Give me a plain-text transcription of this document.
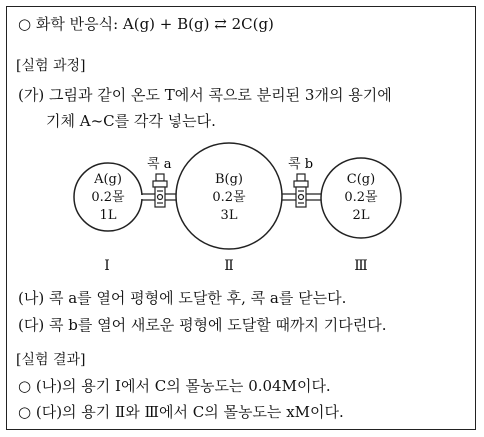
○ 화학 반응식: A(g) + B(g) ⇄ 2C(g)
[실험 과정]
(가) 그림과 같이 온도 T에서 콕으로 분리된 3개의 용기에
기체 A~C를 각각 넣는다.
콕 a	콕 b
A(g)
0.2몰
1L
B(g)
0.2몰
3L
C(g)
0.2몰
2L
Ⅰ	Ⅱ	Ⅲ
(나) 콕 a를 열어 평형에 도달한 후, 콕 a를 닫는다.
(다) 콕 b를 열어 새로운 평형에 도달할 때까지 기다린다.
[실험 결과]
○ (나)의 용기 Ⅰ에서 C의 몰농도는 0.04M이다.
○ (다)의 용기 Ⅱ와 Ⅲ에서 C의 몰농도는 xM이다.
